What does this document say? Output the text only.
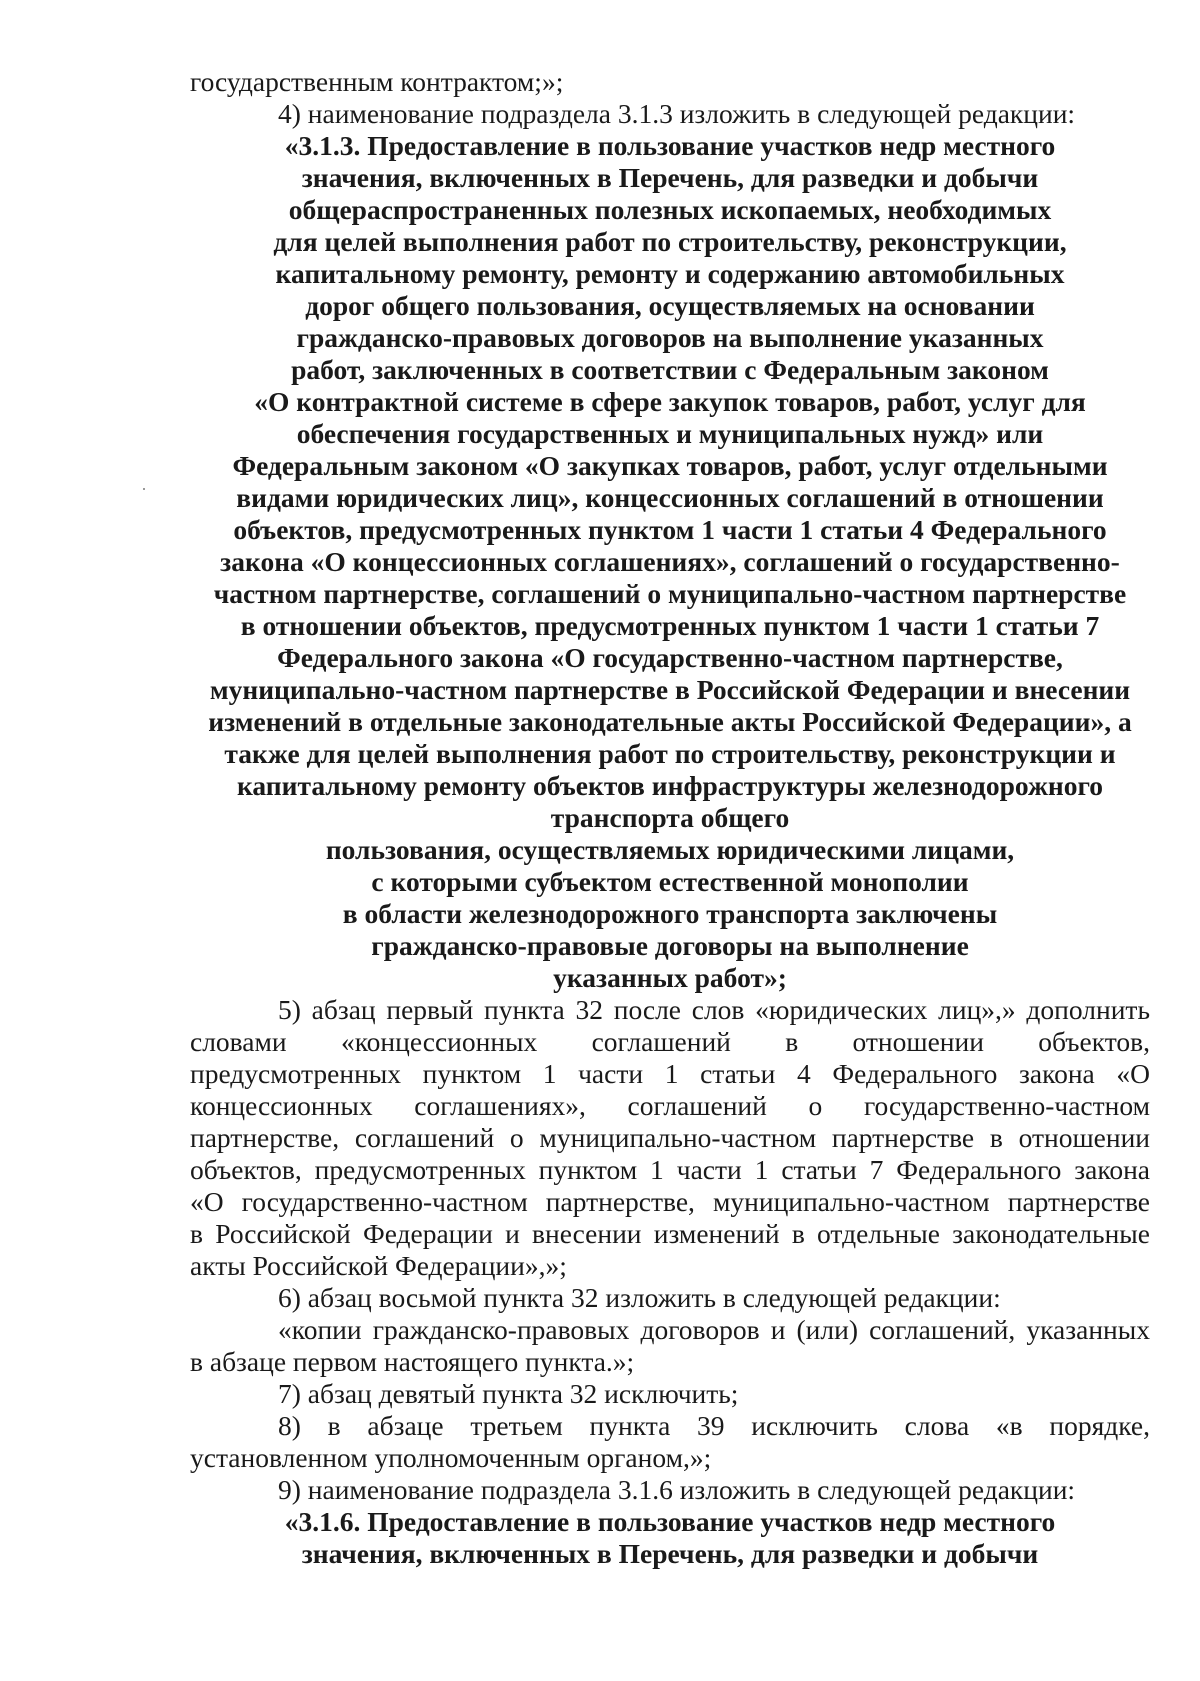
государственным контрактом;»;
4) наименование подраздела 3.1.3 изложить в следующей редакции:
«3.1.3. Предоставление в пользование участков недр местного
значения, включенных в Перечень, для разведки и добычи
общераспространенных полезных ископаемых, необходимых
для целей выполнения работ по строительству, реконструкции,
капитальному ремонту, ремонту и содержанию автомобильных
дорог общего пользования, осуществляемых на основании
гражданско-правовых договоров на выполнение указанных
работ, заключенных в соответствии с Федеральным законом
«О контрактной системе в сфере закупок товаров, работ, услуг для
обеспечения государственных и муниципальных нужд» или
Федеральным законом «О закупках товаров, работ, услуг отдельными
видами юридических лиц», концессионных соглашений в отношении
объектов, предусмотренных пунктом 1 части 1 статьи 4 Федерального
закона «О концессионных соглашениях», соглашений о государственно-
частном партнерстве, соглашений о муниципально-частном партнерстве
в отношении объектов, предусмотренных пунктом 1 части 1 статьи 7
Федерального закона «О государственно-частном партнерстве,
муниципально-частном партнерстве в Российской Федерации и внесении
изменений в отдельные законодательные акты Российской Федерации», а
также для целей выполнения работ по строительству, реконструкции и
капитальному ремонту объектов инфраструктуры железнодорожного
транспорта общего
пользования, осуществляемых юридическими лицами,
с которыми субъектом естественной монополии
в области железнодорожного транспорта заключены
гражданско-правовые договоры на выполнение
указанных работ»;
5) абзац первый пункта 32 после слов «юридических лиц»,» дополнить
словами «концессионных соглашений в отношении объектов,
предусмотренных пунктом 1 части 1 статьи 4 Федерального закона «О
концессионных соглашениях», соглашений о государственно-частном
партнерстве, соглашений о муниципально-частном партнерстве в отношении
объектов, предусмотренных пунктом 1 части 1 статьи 7 Федерального закона
«О государственно-частном партнерстве, муниципально-частном партнерстве
в Российской Федерации и внесении изменений в отдельные законодательные
акты Российской Федерации»,»;
6) абзац восьмой пункта 32 изложить в следующей редакции:
«копии гражданско-правовых договоров и (или) соглашений, указанных
в абзаце первом настоящего пункта.»;
7) абзац девятый пункта 32 исключить;
8) в абзаце третьем пункта 39 исключить слова «в порядке,
установленном уполномоченным органом,»;
9) наименование подраздела 3.1.6 изложить в следующей редакции:
«3.1.6. Предоставление в пользование участков недр местного
значения, включенных в Перечень, для разведки и добычи
